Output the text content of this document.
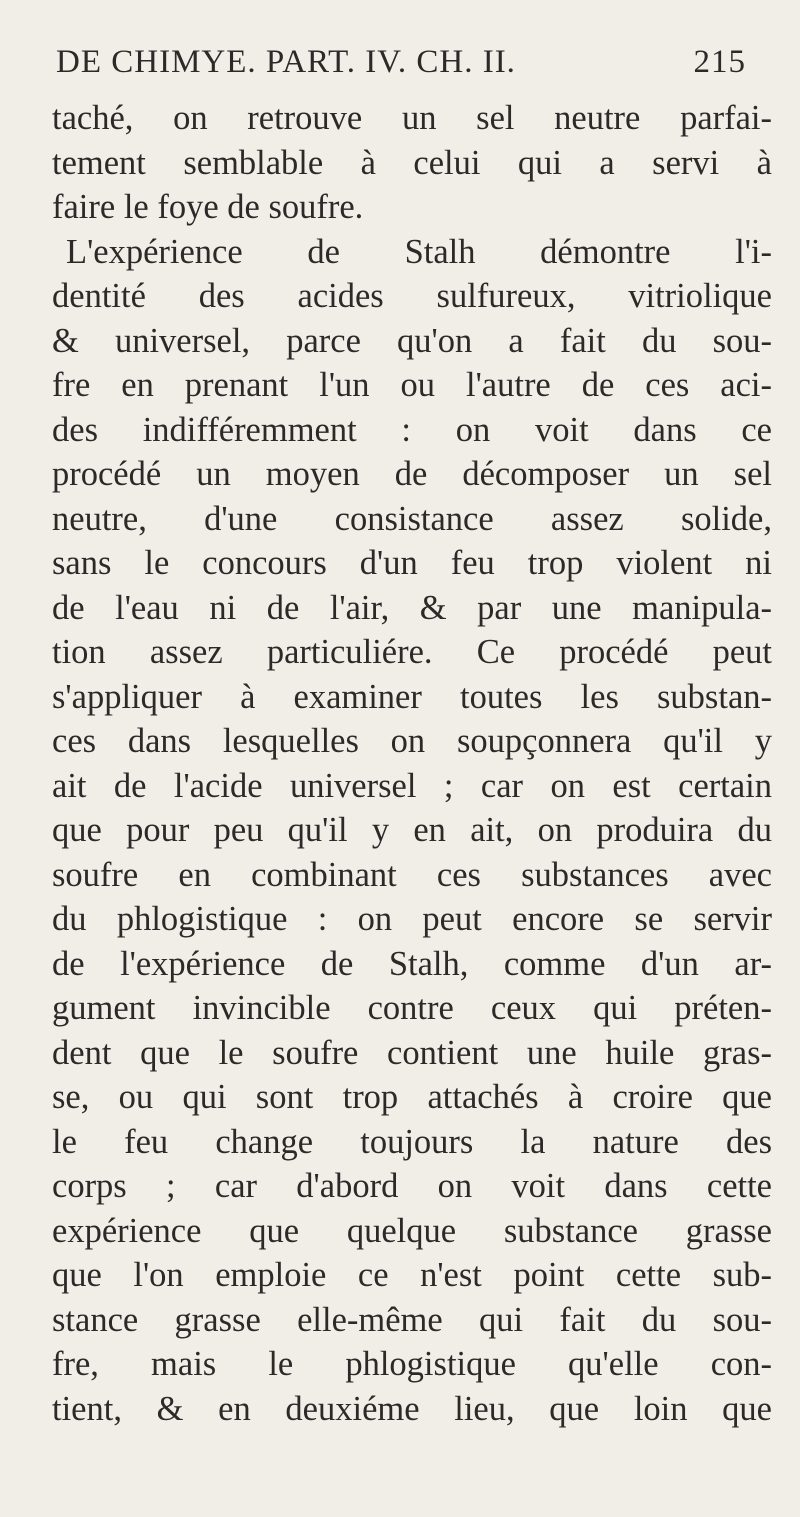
DE CHIMYE. PART. IV. CH. II.	215
taché, on retrouve un sel neutre parfai-
tement semblable à celui qui a servi à
faire le foye de soufre.
L'expérience de Stalh démontre l'i-
dentité des acides sulfureux, vitriolique
& universel, parce qu'on a fait du sou-
fre en prenant l'un ou l'autre de ces aci-
des indifféremment : on voit dans ce
procédé un moyen de décomposer un sel
neutre, d'une consistance assez solide,
sans le concours d'un feu trop violent ni
de l'eau ni de l'air, & par une manipula-
tion assez particuliére. Ce procédé peut
s'appliquer à examiner toutes les substan-
ces dans lesquelles on soupçonnera qu'il y
ait de l'acide universel ; car on est certain
que pour peu qu'il y en ait, on produira du
soufre en combinant ces substances avec
du phlogistique : on peut encore se servir
de l'expérience de Stalh, comme d'un ar-
gument invincible contre ceux qui préten-
dent que le soufre contient une huile gras-
se, ou qui sont trop attachés à croire que
le feu change toujours la nature des
corps ; car d'abord on voit dans cette
expérience que quelque substance grasse
que l'on emploie ce n'est point cette sub-
stance grasse elle-même qui fait du sou-
fre, mais le phlogistique qu'elle con-
tient, & en deuxiéme lieu, que loin que
